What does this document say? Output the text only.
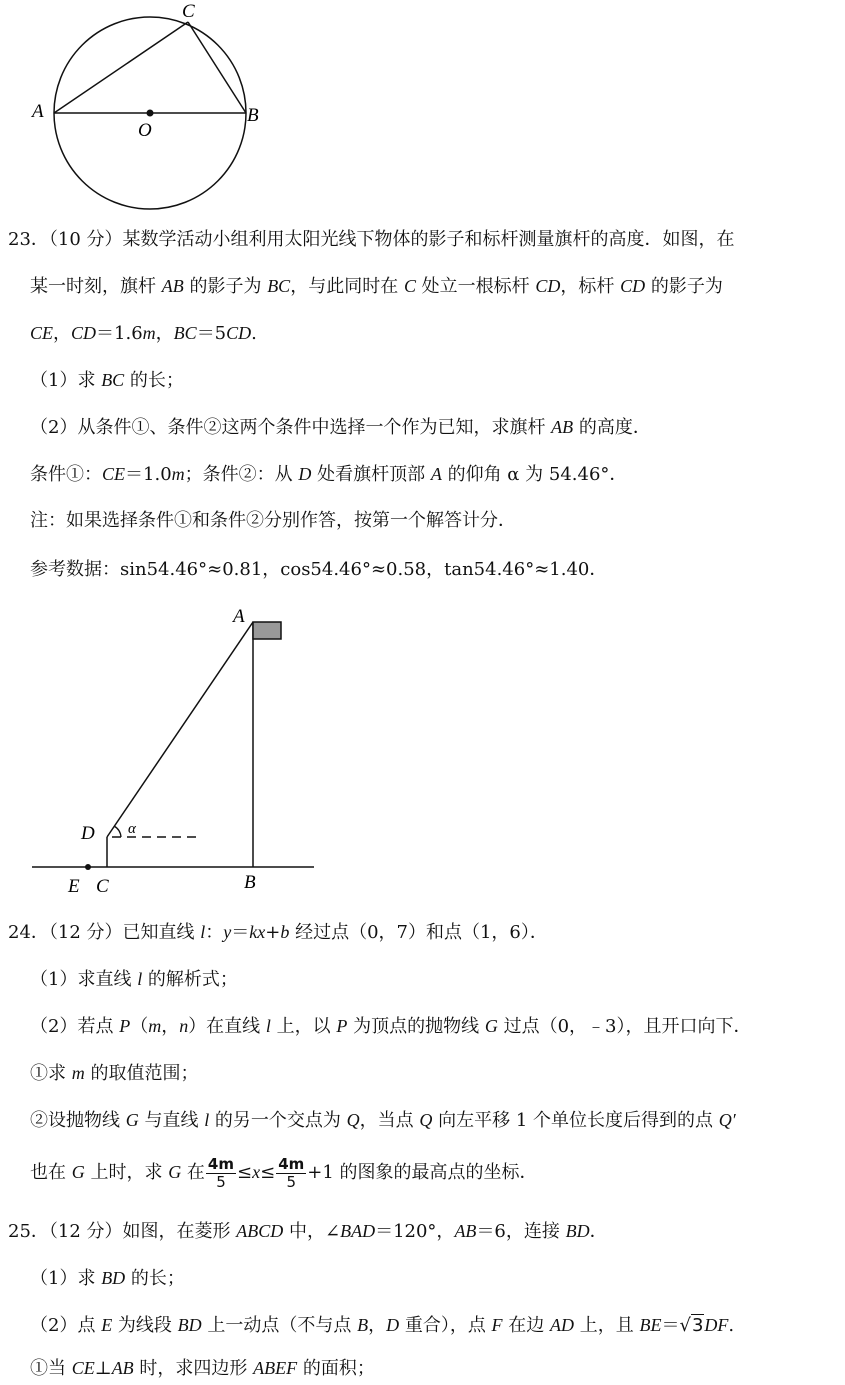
C
A	B
O
23．（10 分）某数学活动小组利用太阳光线下物体的影子和标杆测量旗杆的高度．如图，在
某一时刻，旗杆 AB 的影子为 BC，与此同时在 C 处立一根标杆 CD，标杆 CD 的影子为
CE，CD＝1.6m，BC＝5CD.
（1）求 BC 的长；
（2）从条件①、条件②这两个条件中选择一个作为已知，求旗杆 AB 的高度．
条件①：CE＝1.0m；条件②：从 D 处看旗杆顶部 A 的仰角 α 为 54.46°．
注：如果选择条件①和条件②分别作答，按第一个解答计分．
参考数据：sin54.46°≈0.81，cos54.46°≈0.58，tan54.46°≈1.40．
A
D α
E C	B
24．（12 分）已知直线 l：y＝kx+b 经过点（0，7）和点（1，6）．
（1）求直线 l 的解析式；
（2）若点 P（m，n）在直线 l 上，以 P 为顶点的抛物线 G 过点（0，﹣3），且开口向下．
①求 m 的取值范围；
②设抛物线 G 与直线 l 的另一个交点为 Q，当点 Q 向左平移 1 个单位长度后得到的点 Q′
也在 G 上时，求 G 在 $\frac{4m}{5} \le x\le \frac{4m}{5} +1$ 的图象的最高点的坐标．
25．（12 分）如图，在菱形 ABCD 中，∠BAD＝120°，AB＝6，连接 BD．
（1）求 BD 的长；
（2）点 E 为线段 BD 上一动点（不与点 B，D 重合），点 F 在边 AD 上，且 BE＝√3DF.
①当 CE⊥AB 时，求四边形 ABEF 的面积；
